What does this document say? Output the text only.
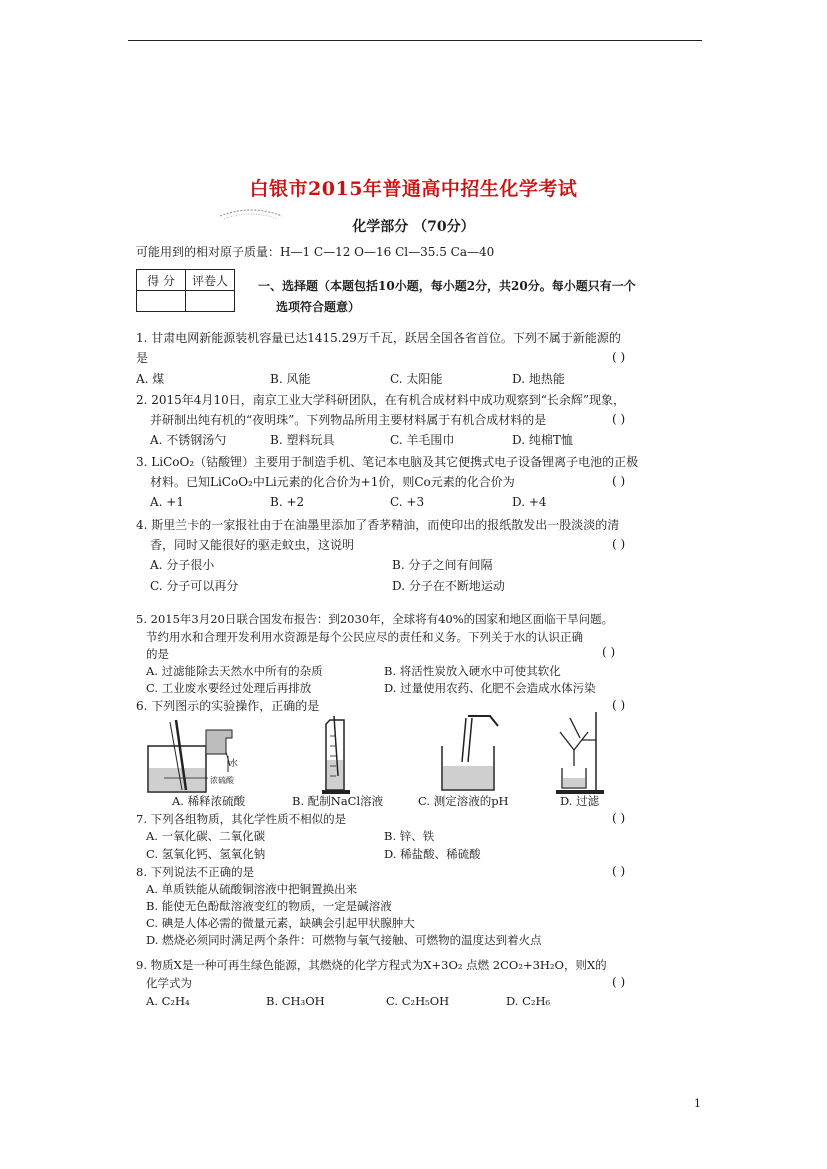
白银市2015年普通高中招生化学考试
化学部分 （70分）
可能用到的相对原子质量：H—1 C—12 O—16 Cl—35.5 Ca—40
得 分	评卷人
		一、选择题（本题包括10小题，每小题2分，共20分。每小题只有一个
选项符合题意）
1. 甘肃电网新能源装机容量已达1415.29万千瓦，跃居全国各省首位。下列不属于新能源的
是	( )
A. 煤	B. 风能	C. 太阳能	D. 地热能
2. 2015年4月10日，南京工业大学科研团队，在有机合成材料中成功观察到“长余辉”现象，
并研制出纯有机的“夜明珠”。下列物品所用主要材料属于有机合成材料的是	( )
A. 不锈钢汤勺	B. 塑料玩具	C. 羊毛围巾	D. 纯棉T恤
3. LiCoO₂（钴酸锂）主要用于制造手机、笔记本电脑及其它便携式电子设备锂离子电池的正极
材料。已知LiCoO₂中Li元素的化合价为+1价，则Co元素的化合价为	( )
A. +1	B. +2	C. +3	D. +4
4. 斯里兰卡的一家报社由于在油墨里添加了香茅精油，而使印出的报纸散发出一股淡淡的清
香，同时又能很好的驱走蚊虫，这说明	( )
A. 分子很小	B. 分子之间有间隔
C. 分子可以再分	D. 分子在不断地运动
5. 2015年3月20日联合国发布报告：到2030年，全球将有40%的国家和地区面临干旱问题。
节约用水和合理开发利用水资源是每个公民应尽的责任和义务。下列关于水的认识正确
的是	( )
A. 过滤能除去天然水中所有的杂质	B. 将活性炭放入硬水中可使其软化
C. 工业废水要经过处理后再排放	D. 过量使用农药、化肥不会造成水体污染
6. 下列图示的实验操作，正确的是	( )
水
浓硫酸
A. 稀释浓硫酸	B. 配制NaCl溶液	C. 测定溶液的pH	D. 过滤
7. 下列各组物质，其化学性质不相似的是	( )
A. 一氧化碳、二氧化碳	B. 锌、铁
C. 氢氧化钙、氢氧化钠	D. 稀盐酸、稀硫酸
8. 下列说法不正确的是	( )
A. 单质铁能从硫酸铜溶液中把铜置换出来
B. 能使无色酚酞溶液变红的物质，一定是碱溶液
C. 碘是人体必需的微量元素，缺碘会引起甲状腺肿大
D. 燃烧必须同时满足两个条件：可燃物与氧气接触、可燃物的温度达到着火点
9. 物质X是一种可再生绿色能源，其燃烧的化学方程式为X+3O₂ 点燃 2CO₂+3H₂O，则X的
化学式为	( )
A. C₂H₄	B. CH₃OH	C. C₂H₅OH	D. C₂H₆
1
